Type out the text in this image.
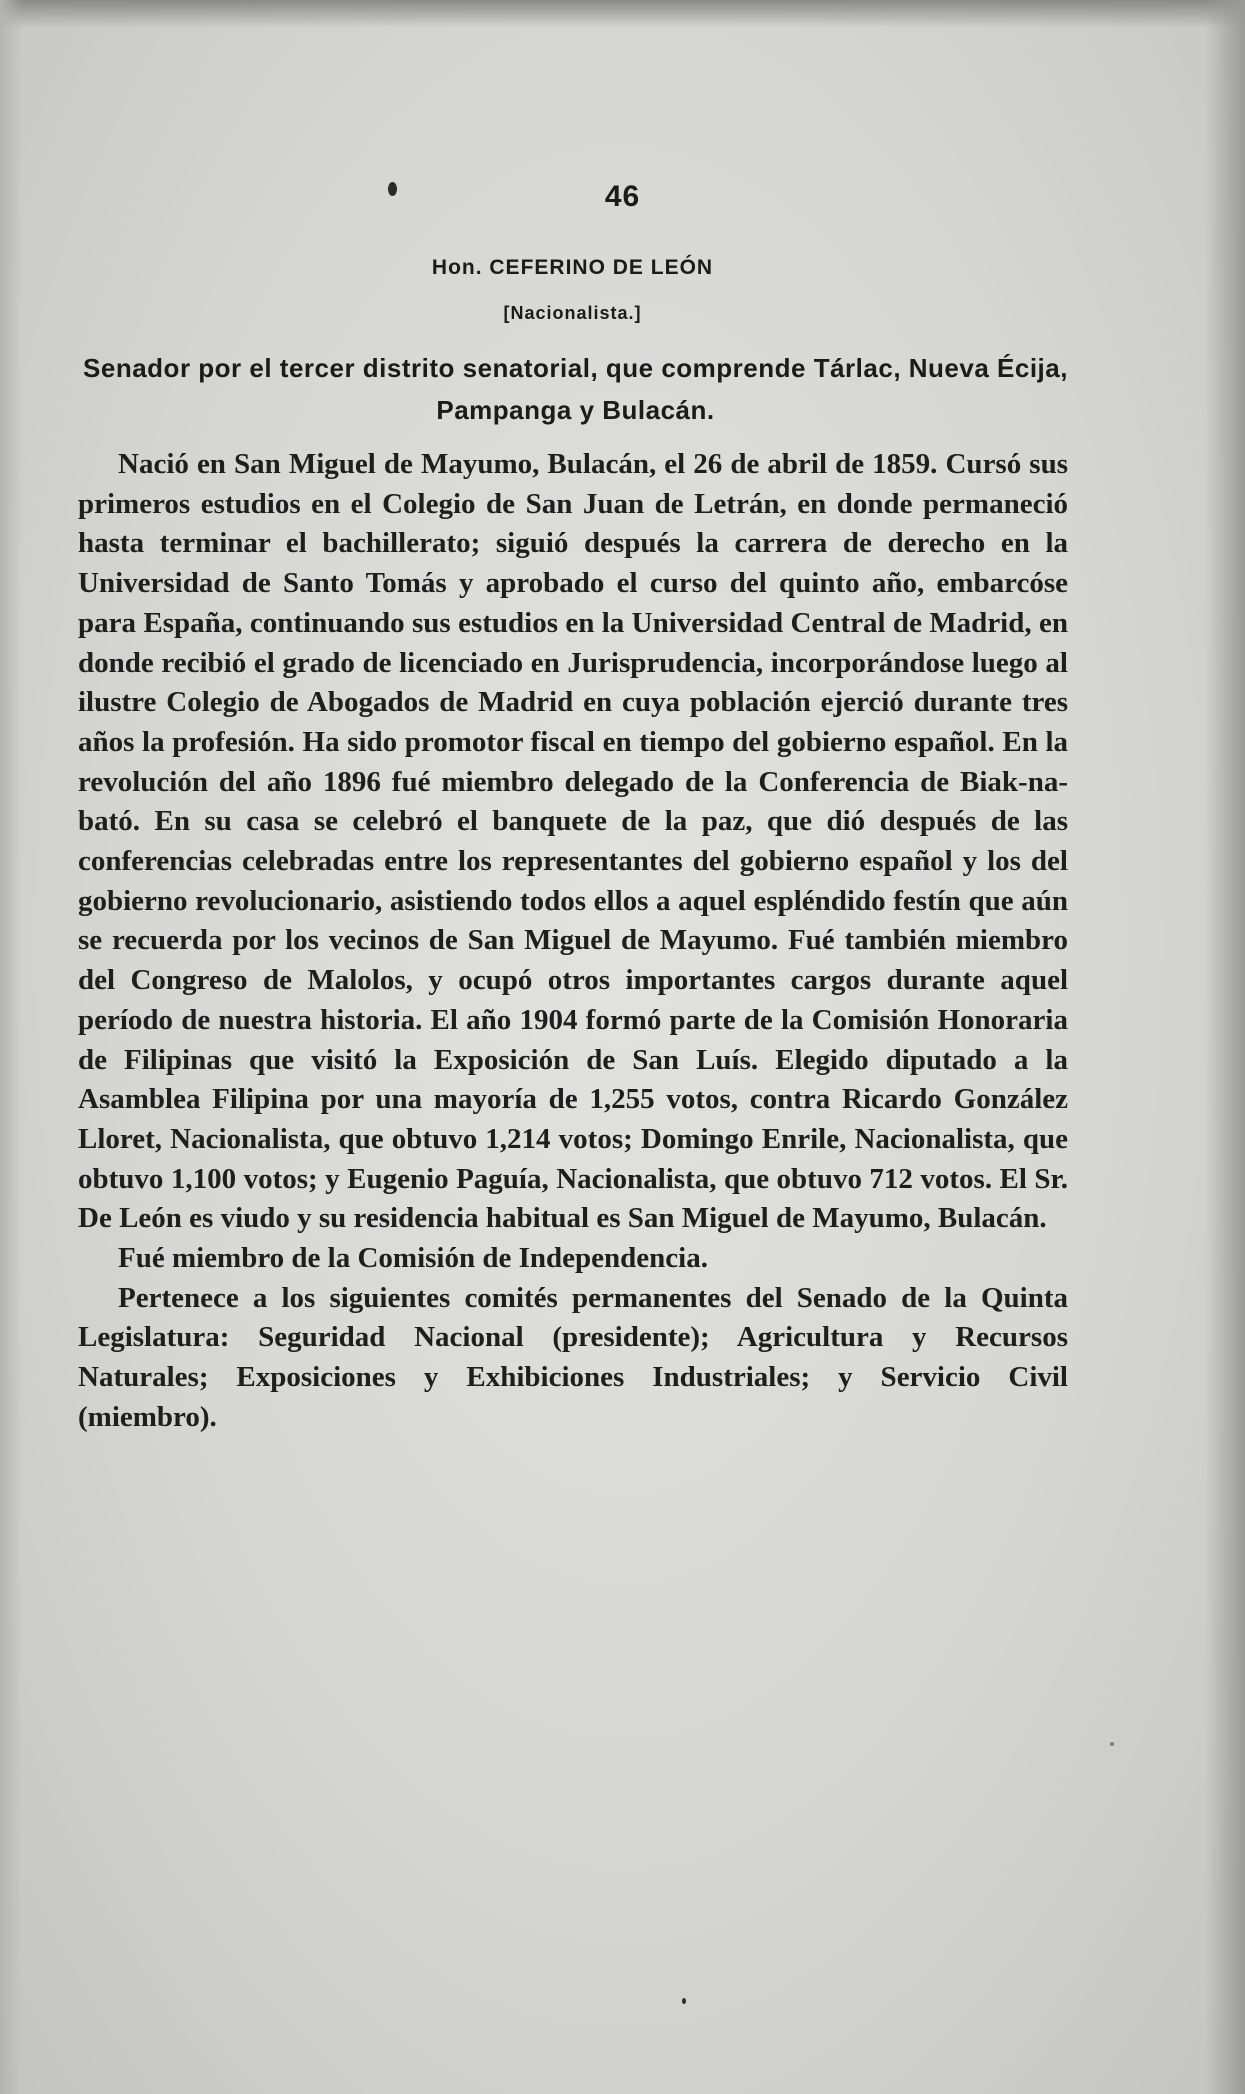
46
Hon. CEFERINO DE LEÓN
[Nacionalista.]
Senador por el tercer distrito senatorial, que comprende Tárlac, Nueva Écija, Pampanga y Bulacán.

Nació en San Miguel de Mayumo, Bulacán, el 26 de abril de 1859. Cursó sus primeros estudios en el Colegio de San Juan de Letrán, en donde permaneció hasta terminar el bachillerato; siguió después la carrera de derecho en la Universidad de Santo Tomás y aprobado el curso del quinto año, embarcóse para España, continuando sus estudios en la Universidad Central de Madrid, en donde recibió el grado de licenciado en Jurisprudencia, incorporándose luego al ilustre Colegio de Abogados de Madrid en cuya población ejerció durante tres años la profesión. Ha sido promotor fiscal en tiempo del gobierno español. En la revolución del año 1896 fué miembro delegado de la Conferencia de Biak-na-bató. En su casa se celebró el banquete de la paz, que dió después de las conferencias celebradas entre los representantes del gobierno español y los del gobierno revolucionario, asistiendo todos ellos a aquel espléndido festín que aún se recuerda por los vecinos de San Miguel de Mayumo. Fué también miembro del Congreso de Malolos, y ocupó otros importantes cargos durante aquel período de nuestra historia. El año 1904 formó parte de la Comisión Honoraria de Filipinas que visitó la Exposición de San Luís. Elegido diputado a la Asamblea Filipina por una mayoría de 1,255 votos, contra Ricardo González Lloret, Nacionalista, que obtuvo 1,214 votos; Domingo Enrile, Nacionalista, que obtuvo 1,100 votos; y Eugenio Paguía, Nacionalista, que obtuvo 712 votos. El Sr. De León es viudo y su residencia habitual es San Miguel de Mayumo, Bulacán.

Fué miembro de la Comisión de Independencia.

Pertenece a los siguientes comités permanentes del Senado de la Quinta Legislatura: Seguridad Nacional (presidente); Agricultura y Recursos Naturales; Exposiciones y Exhibiciones Industriales; y Servicio Civil (miembro).
